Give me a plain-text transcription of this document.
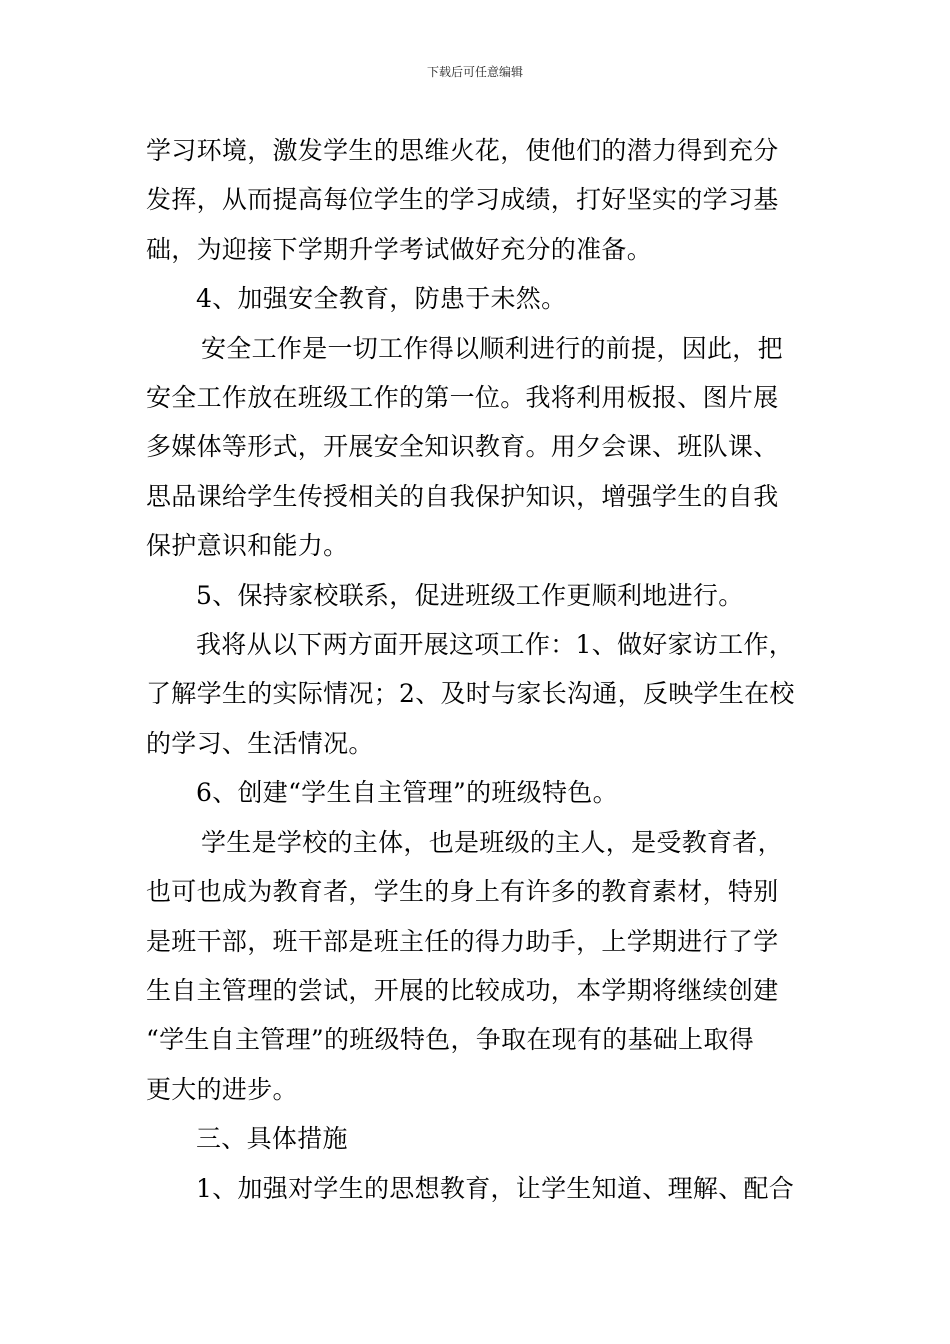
下载后可任意编辑

学习环境，激发学生的思维火花，使他们的潜力得到充分
发挥，从而提高每位学生的学习成绩，打好坚实的学习基
础，为迎接下学期升学考试做好充分的准备。

4、加强安全教育，防患于未然。

安全工作是一切工作得以顺利进行的前提，因此，把
安全工作放在班级工作的第一位。我将利用板报、图片展
多媒体等形式，开展安全知识教育。用夕会课、班队课、
思品课给学生传授相关的自我保护知识，增强学生的自我
保护意识和能力。

5、保持家校联系，促进班级工作更顺利地进行。

我将从以下两方面开展这项工作：1、做好家访工作，
了解学生的实际情况；2、及时与家长沟通，反映学生在校
的学习、生活情况。

6、创建“学生自主管理”的班级特色。

学生是学校的主体，也是班级的主人，是受教育者，
也可也成为教育者，学生的身上有许多的教育素材，特别
是班干部，班干部是班主任的得力助手，上学期进行了学
生自主管理的尝试，开展的比较成功，本学期将继续创建
“学生自主管理”的班级特色，争取在现有的基础上取得
更大的进步。

三、具体措施

1、加强对学生的思想教育，让学生知道、理解、配合
